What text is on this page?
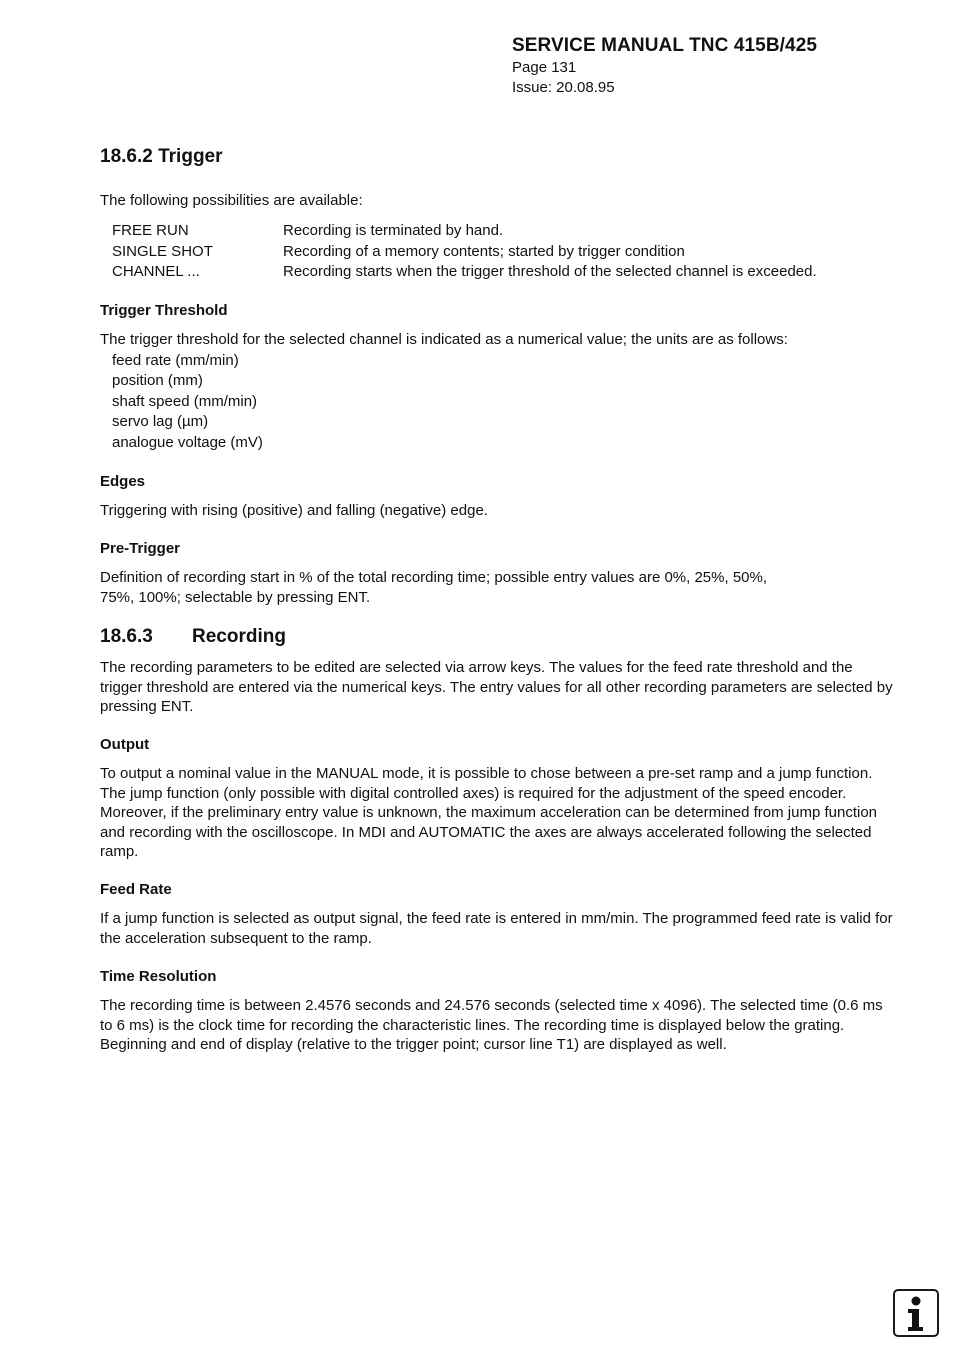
SERVICE MANUAL TNC 415B/425
Page 131
Issue: 20.08.95
18.6.2 Trigger
The following possibilities are available:
FREE RUN	Recording is terminated by hand.
SINGLE SHOT	Recording of a memory contents; started by trigger condition
CHANNEL ...	Recording starts when the trigger threshold of the selected channel is exceeded.
Trigger Threshold
The trigger threshold for the selected channel is indicated as a numerical value; the units are as follows:
feed rate (mm/min)
position (mm)
shaft speed (mm/min)
servo lag (µm)
analogue voltage (mV)
Edges
Triggering with rising (positive) and falling (negative) edge.
Pre-Trigger
Definition of recording start in % of the total recording time; possible entry values are 0%, 25%, 50%,
75%, 100%; selectable by pressing ENT.
18.6.3 Recording
The recording parameters to be edited are selected via arrow keys. The values for the feed rate threshold and the trigger threshold are entered via the numerical keys. The entry values for all other recording parameters are selected by pressing ENT.
Output
To output a nominal value in the MANUAL mode, it is possible to chose between a pre-set ramp and a jump function. The jump function (only possible with digital controlled axes) is required for the adjustment of the speed encoder. Moreover, if the preliminary entry value is unknown, the maximum acceleration can be determined from jump function and recording with the oscilloscope. In MDI and AUTOMATIC the axes are always accelerated following the selected ramp.
Feed Rate
If a jump function is selected as output signal, the feed rate is entered in mm/min. The programmed feed rate is valid for the acceleration subsequent to the ramp.
Time Resolution
The recording time is between 2.4576 seconds and 24.576 seconds (selected time x 4096). The selected time (0.6 ms to 6 ms) is the clock time for recording the characteristic lines. The recording time is displayed below the grating. Beginning and end of display (relative to the trigger point; cursor line T1) are displayed as well.
